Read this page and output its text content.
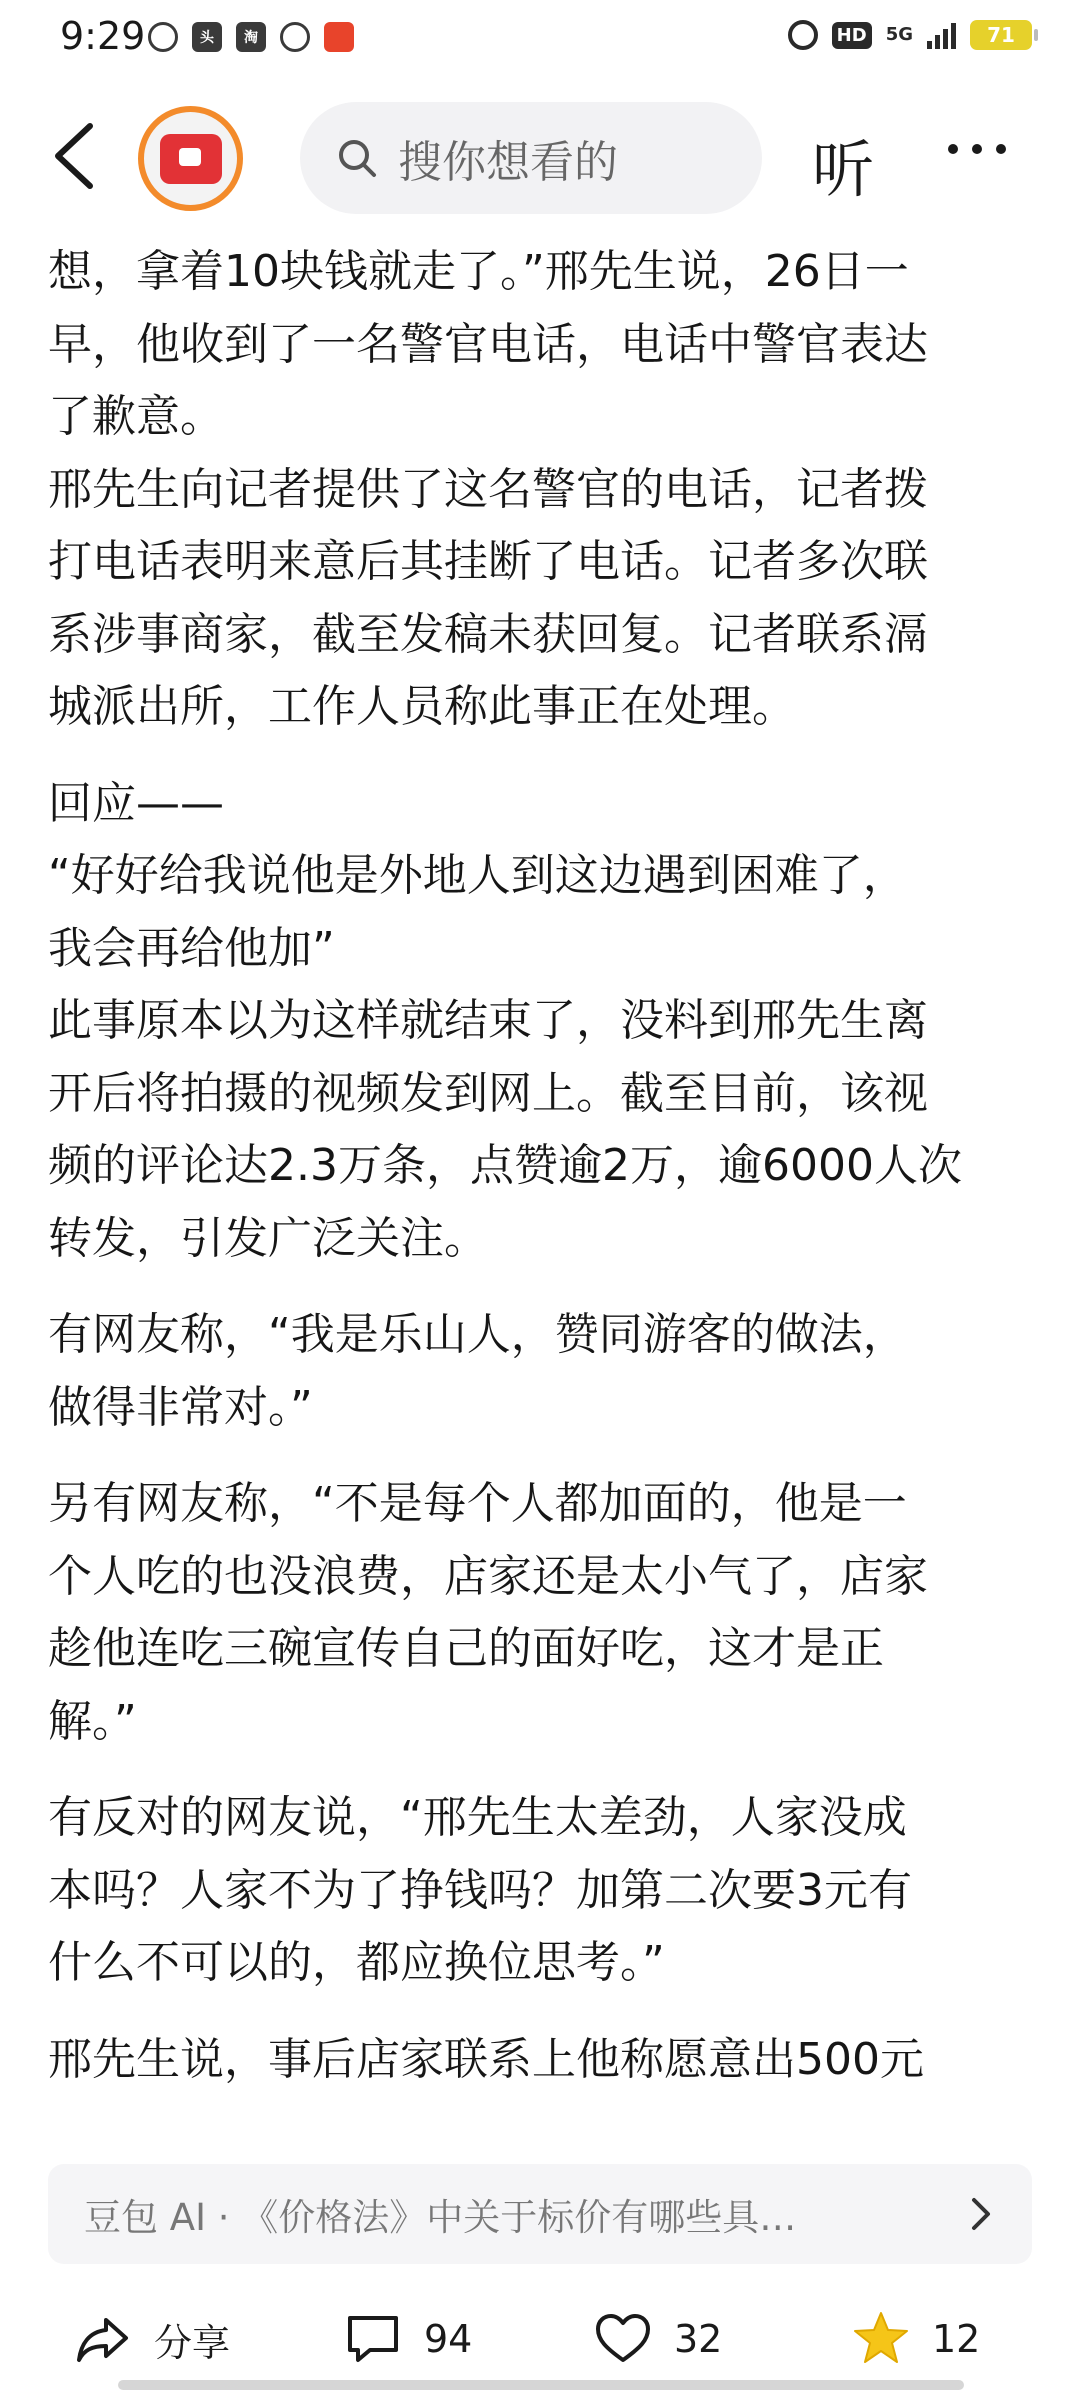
9:29	头	淘	HD 5G	71
搜你想看的	听

想，拿着10块钱就走了。”邢先生说，26日一
早，他收到了一名警官电话，电话中警官表达
了歉意。
邢先生向记者提供了这名警官的电话，记者拨
打电话表明来意后其挂断了电话。记者多次联
系涉事商家，截至发稿未获回复。记者联系滆
城派出所，工作人员称此事正在处理。

回应——

“好好给我说他是外地人到这边遇到困难了，
我会再给他加”
此事原本以为这样就结束了，没料到邢先生离
开后将拍摄的视频发到网上。截至目前，该视
频的评论达2.3万条，点赞逾2万，逾6000人次
转发，引发广泛关注。

有网友称，“我是乐山人，赞同游客的做法，
做得非常对。”

另有网友称，“不是每个人都加面的，他是一
个人吃的也没浪费，店家还是太小气了，店家
趁他连吃三碗宣传自己的面好吃，这才是正
解。”

有反对的网友说，“邢先生太差劲，人家没成
本吗？人家不为了挣钱吗？加第二次要3元有
什么不可以的，都应换位思考。”

邢先生说，事后店家联系上他称愿意出500元

豆包 AI · 《价格法》中关于标价有哪些具…
分享	94	32	12
